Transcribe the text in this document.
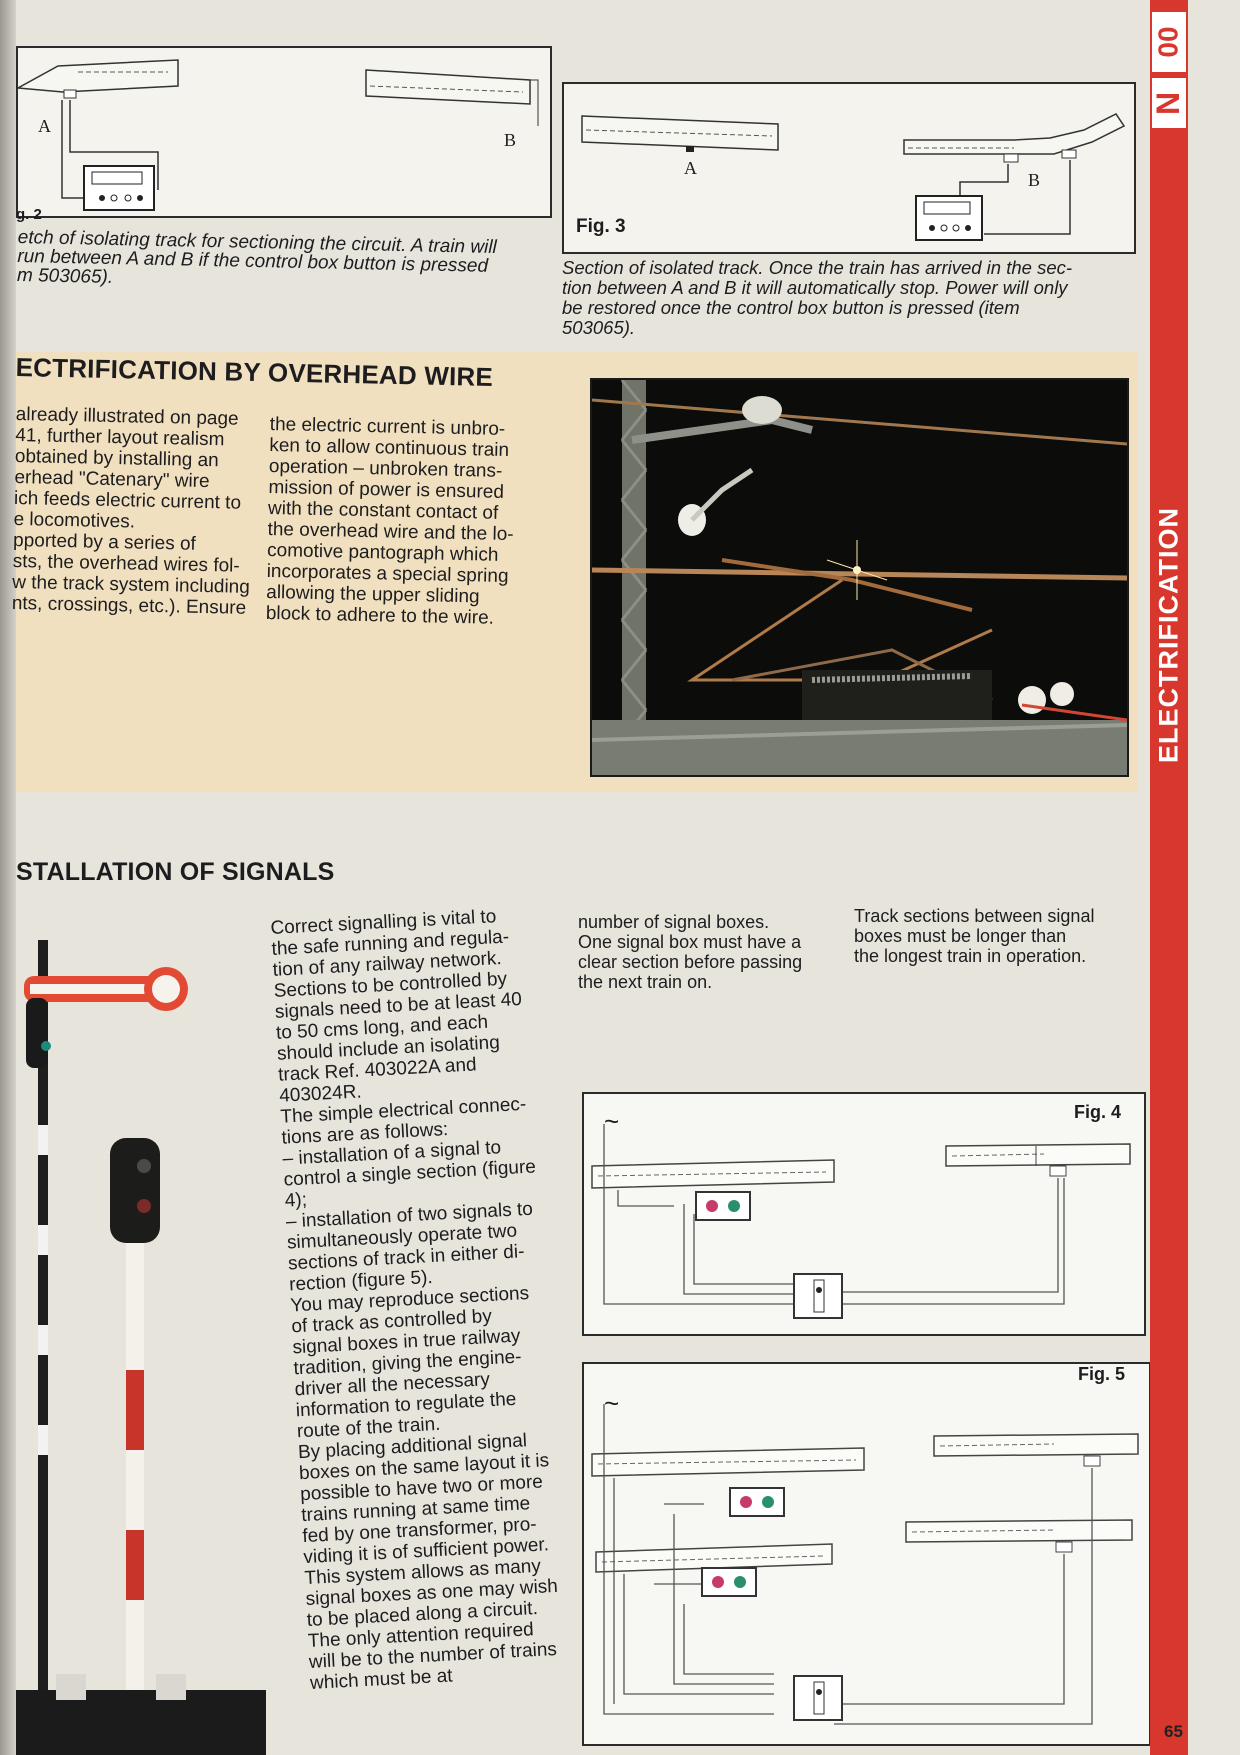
A
B
g. 2
etch of isolating track for sectioning the circuit. A train will
run between A and B if the control box button is pressed
m 503065).
A
B
Fig. 3
Section of isolated track. Once the train has arrived in the sec-
tion between A and B it will automatically stop. Power will only
be restored once the control box button is pressed (item
503065).
ECTRIFICATION BY OVERHEAD WIRE
already illustrated on page
41, further layout realism
obtained by installing an
erhead "Catenary" wire
ich feeds electric current to
e locomotives.
pported by a series of
sts, the overhead wires fol-
w the track system including
nts, crossings, etc.). Ensure
the electric current is unbro-
ken to allow continuous train
operation – unbroken trans-
mission of power is ensured
with the constant contact of
the overhead wire and the lo-
comotive pantograph which
incorporates a special spring
allowing the upper sliding
block to adhere to the wire.
STALLATION OF SIGNALS
Correct signalling is vital to
the safe running and regula-
tion of any railway network.
Sections to be controlled by
signals need to be at least 40
to 50 cms long, and each
should include an isolating
track Ref. 403022A and
403024R.
The simple electrical connec-
tions are as follows:
– installation of a signal to
control a single section (figure
4);
– installation of two signals to
simultaneously operate two
sections of track in either di-
rection (figure 5).
You may reproduce sections
of track as controlled by
signal boxes in true railway
tradition, giving the engine-
driver all the necessary
information to regulate the
route of the train.
By placing additional signal
boxes on the same layout it is
possible to have two or more
trains running at same time
fed by one transformer, pro-
viding it is of sufficient power.
This system allows as many
signal boxes as one may wish
to be placed along a circuit.
The only attention required
will be to the number of trains
which must be at
number of signal boxes.
One signal box must have a
clear section before passing
the next train on.
Track sections between signal
boxes must be longer than
the longest train in operation.
~	Fig. 4
~
Fig. 5
00
N
ELECTRIFICATION
65
